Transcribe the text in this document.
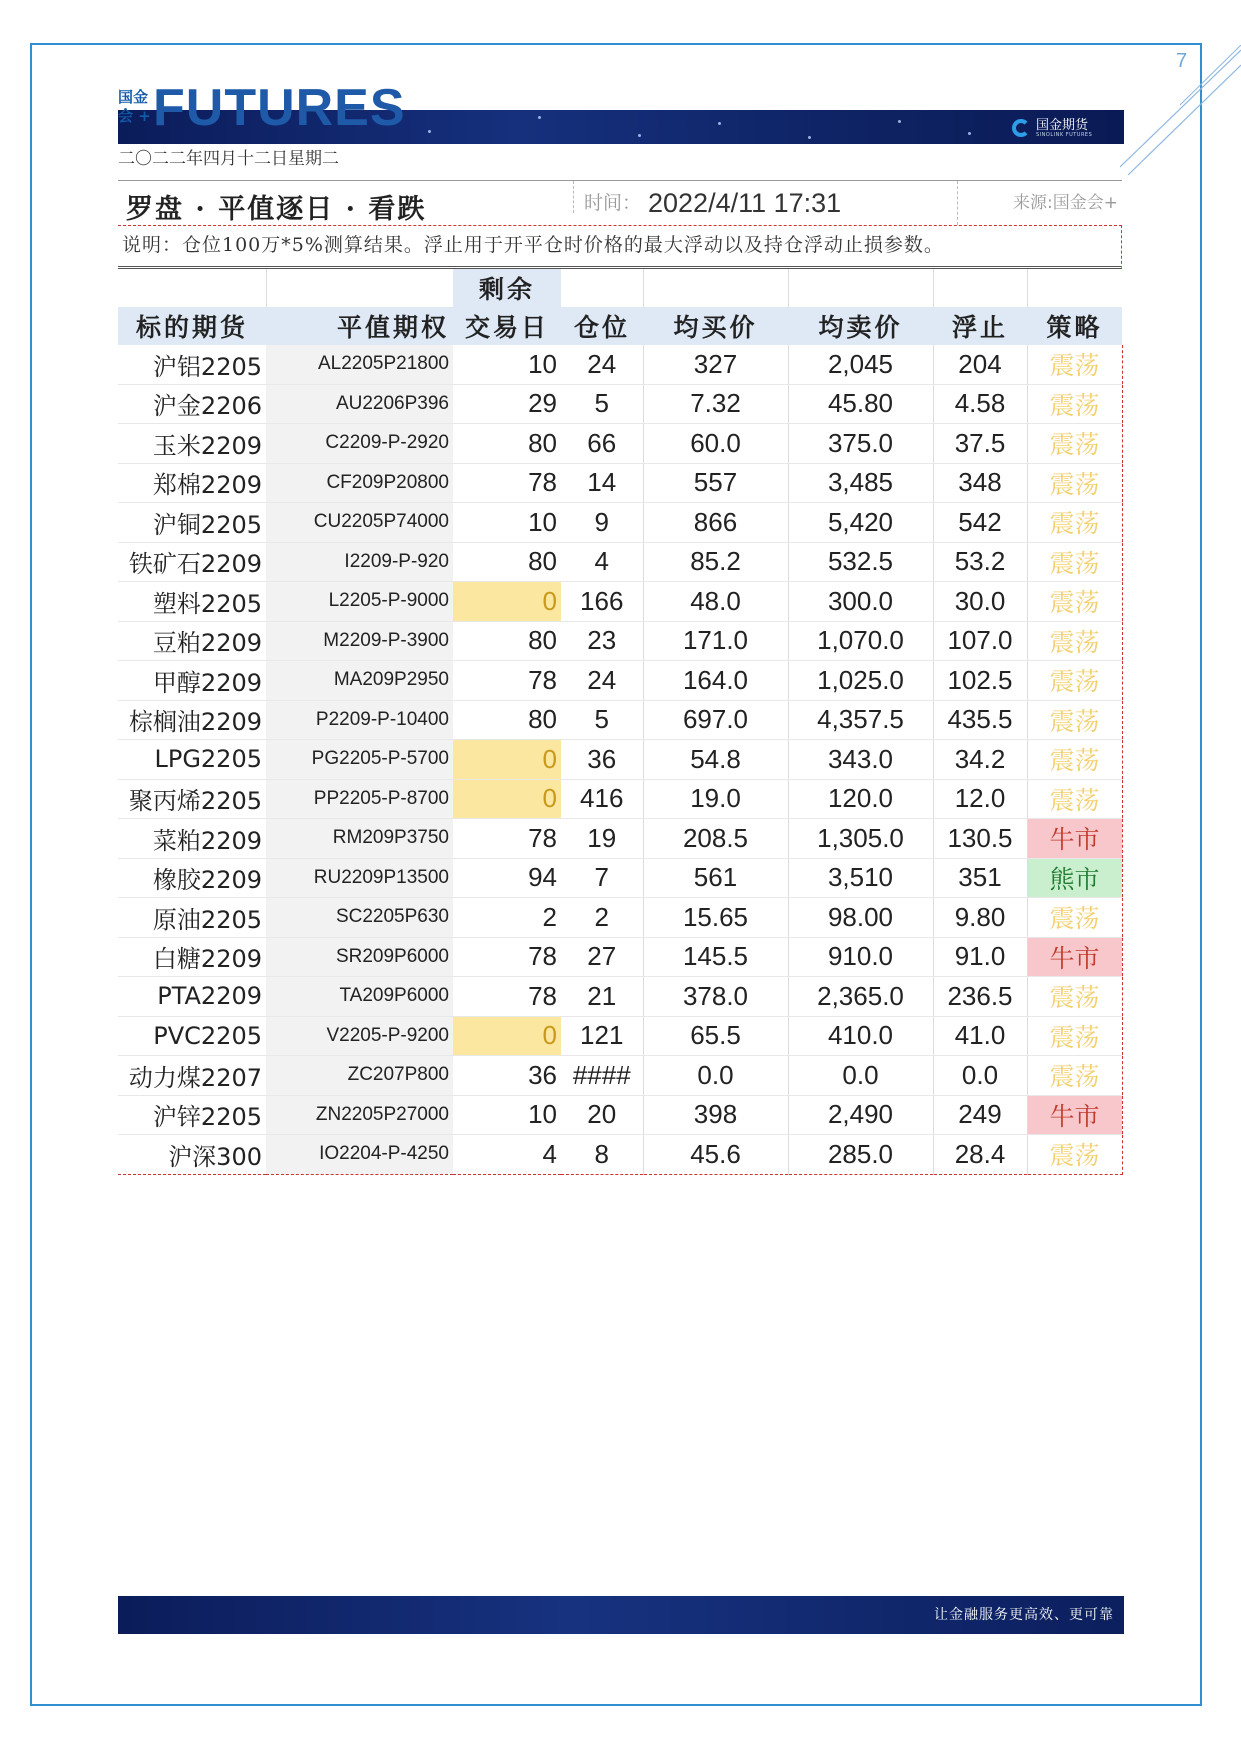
7
国金
会 + FUTURES	国金期货
SINOLINK FUTURES
二〇二二年四月十二日星期二
罗盘 · 平值逐日 · 看跌	时间： 2022/4/11 17:31	来源:国金会+
说明：仓位100万*5%测算结果。浮止用于开平仓时价格的最大浮动以及持仓浮动止损参数。
		剩余					
标的期货	平值期权	交易日	仓位	均买价	均卖价	浮止	策略
沪铝2205	AL2205P21800	10	24	327	2,045	204	震荡
沪金2206	AU2206P396	29	5	7.32	45.80	4.58	震荡
玉米2209	C2209-P-2920	80	66	60.0	375.0	37.5	震荡
郑棉2209	CF209P20800	78	14	557	3,485	348	震荡
沪铜2205	CU2205P74000	10	9	866	5,420	542	震荡
铁矿石2209	I2209-P-920	80	4	85.2	532.5	53.2	震荡
塑料2205	L2205-P-9000	0	166	48.0	300.0	30.0	震荡
豆粕2209	M2209-P-3900	80	23	171.0	1,070.0	107.0	震荡
甲醇2209	MA209P2950	78	24	164.0	1,025.0	102.5	震荡
棕榈油2209	P2209-P-10400	80	5	697.0	4,357.5	435.5	震荡
LPG2205	PG2205-P-5700	0	36	54.8	343.0	34.2	震荡
聚丙烯2205	PP2205-P-8700	0	416	19.0	120.0	12.0	震荡
菜粕2209	RM209P3750	78	19	208.5	1,305.0	130.5	牛市
橡胶2209	RU2209P13500	94	7	561	3,510	351	熊市
原油2205	SC2205P630	2	2	15.65	98.00	9.80	震荡
白糖2209	SR209P6000	78	27	145.5	910.0	91.0	牛市
PTA2209	TA209P6000	78	21	378.0	2,365.0	236.5	震荡
PVC2205	V2205-P-9200	0	121	65.5	410.0	41.0	震荡
动力煤2207	ZC207P800	36	####	0.0	0.0	0.0	震荡
沪锌2205	ZN2205P27000	10	20	398	2,490	249	牛市
沪深300	IO2204-P-4250	4	8	45.6	285.0	28.4	震荡
让金融服务更高效、更可靠
